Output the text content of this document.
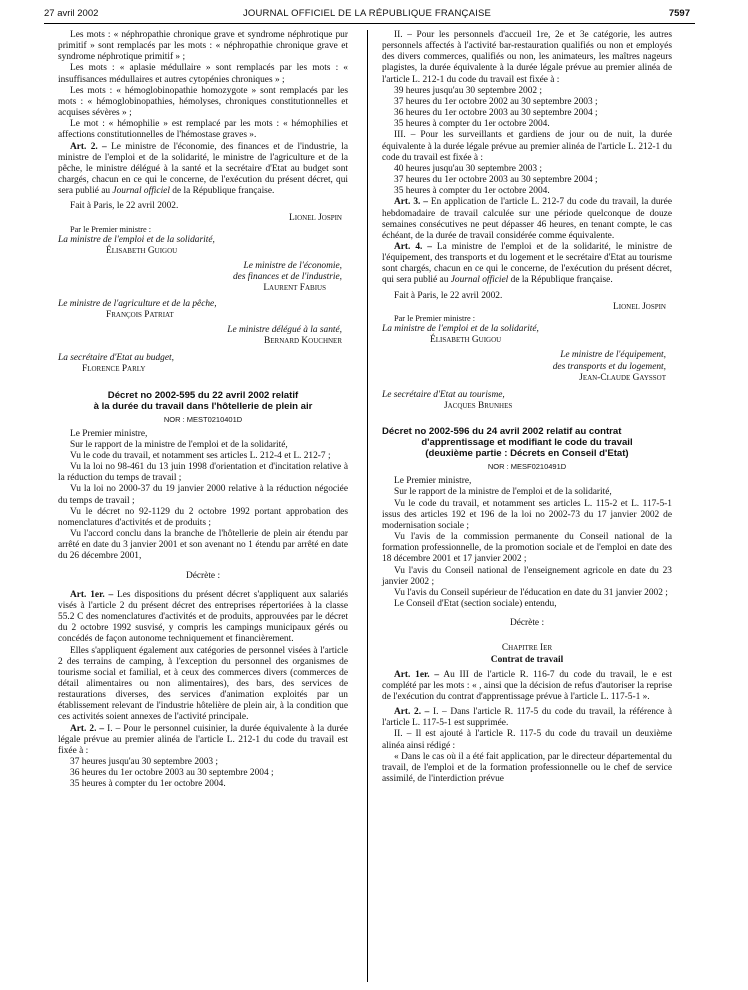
27 avril 2002	JOURNAL OFFICIEL DE LA RÉPUBLIQUE FRANÇAISE	7597

Les mots : « néphropathie chronique grave et syndrome néphrotique pur primitif » sont remplacés par les mots : « néphropathie chronique grave et syndrome néphrotique primitif » ;

Les mots : « aplasie médullaire » sont remplacés par les mots : « insuffisances médullaires et autres cytopénies chroniques » ;

Les mots : « hémoglobinopathie homozygote » sont remplacés par les mots : « hémoglobinopathies, hémolyses, chroniques constitutionnelles et acquises sévères » ;

Le mot : « hémophilie » est remplacé par les mots : « hémophilies et affections constitutionnelles de l'hémostase graves ».

Art. 2. – Le ministre de l'économie, des finances et de l'industrie, la ministre de l'emploi et de la solidarité, le ministre de l'agriculture et de la pêche, le ministre délégué à la santé et la secrétaire d'Etat au budget sont chargés, chacun en ce qui le concerne, de l'exécution du présent décret, qui sera publié au Journal officiel de la République française.

Fait à Paris, le 22 avril 2002.

Lionel Jospin

Par le Premier ministre :

La ministre de l'emploi et de la solidarité,

Élisabeth Guigou

Le ministre de l'économie,

des finances et de l'industrie,

Laurent Fabius

Le ministre de l'agriculture et de la pêche,

François Patriat

Le ministre délégué à la santé,

Bernard Kouchner

La secrétaire d'Etat au budget,

Florence Parly

Décret no 2002-595 du 22 avril 2002 relatif

à la durée du travail dans l'hôtellerie de plein air

NOR : MEST0210401D

Le Premier ministre,

Sur le rapport de la ministre de l'emploi et de la solidarité,

Vu le code du travail, et notamment ses articles L. 212-4 et L. 212-7 ;

Vu la loi no 98-461 du 13 juin 1998 d'orientation et d'incitation relative à la réduction du temps de travail ;

Vu la loi no 2000-37 du 19 janvier 2000 relative à la réduction négociée du temps de travail ;

Vu le décret no 92-1129 du 2 octobre 1992 portant approbation des nomenclatures d'activités et de produits ;

Vu l'accord conclu dans la branche de l'hôtellerie de plein air étendu par arrêté en date du 3 janvier 2001 et son avenant no 1 étendu par arrêté en date du 26 décembre 2001,

Décrète :

Art. 1er. – Les dispositions du présent décret s'appliquent aux salariés visés à l'article 2 du présent décret des entreprises répertoriées à la classe 55.2 C des nomenclatures d'activités et de produits, approuvées par le décret du 2 octobre 1992 susvisé, y compris les campings municipaux gérés ou concédés de façon autonome techniquement et financièrement.

Elles s'appliquent également aux catégories de personnel visées à l'article 2 des terrains de camping, à l'exception du personnel des organismes de tourisme social et familial, et à ceux des commerces divers (commerces de détail alimentaires ou non alimentaires), des bars, des services de restaurations diverses, des services d'animation exploités par un établissement relevant de l'industrie hôtelière de plein air, à la condition que ces activités soient annexes de l'activité principale.

Art. 2. – I. – Pour le personnel cuisinier, la durée équivalente à la durée légale prévue au premier alinéa de l'article L. 212-1 du code du travail est fixée à :

37 heures jusqu'au 30 septembre 2003 ;

36 heures du 1er octobre 2003 au 30 septembre 2004 ;

35 heures à compter du 1er octobre 2004.

II. – Pour les personnels d'accueil 1re, 2e et 3e catégorie, les autres personnels affectés à l'activité bar-restauration qualifiés ou non et employés des divers commerces, qualifiés ou non, les animateurs, les maîtres nageurs plagistes, la durée équivalente à la durée légale prévue au premier alinéa de l'article L. 212-1 du code du travail est fixée à :

39 heures jusqu'au 30 septembre 2002 ;

37 heures du 1er octobre 2002 au 30 septembre 2003 ;

36 heures du 1er octobre 2003 au 30 septembre 2004 ;

35 heures à compter du 1er octobre 2004.

III. – Pour les surveillants et gardiens de jour ou de nuit, la durée équivalente à la durée légale prévue au premier alinéa de l'article L. 212-1 du code du travail est fixée à :

40 heures jusqu'au 30 septembre 2003 ;

37 heures du 1er octobre 2003 au 30 septembre 2004 ;

35 heures à compter du 1er octobre 2004.

Art. 3. – En application de l'article L. 212-7 du code du travail, la durée hebdomadaire de travail calculée sur une période quelconque de douze semaines consécutives ne peut dépasser 46 heures, en tenant compte, le cas échéant, de la durée de travail considérée comme équivalente.

Art. 4. – La ministre de l'emploi et de la solidarité, le ministre de l'équipement, des transports et du logement et le secrétaire d'Etat au tourisme sont chargés, chacun en ce qui le concerne, de l'exécution du présent décret, qui sera publié au Journal officiel de la République française.

Fait à Paris, le 22 avril 2002.

Lionel Jospin

Par le Premier ministre :

La ministre de l'emploi et de la solidarité,

Élisabeth Guigou

Le ministre de l'équipement,

des transports et du logement,

Jean-Claude Gayssot

Le secrétaire d'Etat au tourisme,

Jacques Brunhes

Décret no 2002-596 du 24 avril 2002 relatif au contrat

d'apprentissage et modifiant le code du travail

(deuxième partie : Décrets en Conseil d'Etat)

NOR : MESF0210491D

Le Premier ministre,

Sur le rapport de la ministre de l'emploi et de la solidarité,

Vu le code du travail, et notamment ses articles L. 115-2 et L. 117-5-1 issus des articles 192 et 196 de la loi no 2002-73 du 17 janvier 2002 de modernisation sociale ;

Vu l'avis de la commission permanente du Conseil national de la formation professionnelle, de la promotion sociale et de l'emploi en date des 18 décembre 2001 et 17 janvier 2002 ;

Vu l'avis du Conseil national de l'enseignement agricole en date du 23 janvier 2002 ;

Vu l'avis du Conseil supérieur de l'éducation en date du 31 janvier 2002 ;

Le Conseil d'Etat (section sociale) entendu,

Décrète :

Chapitre Ier

Contrat de travail

Art. 1er. – Au III de l'article R. 116-7 du code du travail, le e est complété par les mots : « , ainsi que la décision de refus d'autoriser la reprise de l'exécution du contrat d'apprentissage prévue à l'article L. 117-5-1 ».

Art. 2. – I. – Dans l'article R. 117-5 du code du travail, la référence à l'article L. 117-5-1 est supprimée.

II. – Il est ajouté à l'article R. 117-5 du code du travail un deuxième alinéa ainsi rédigé :

« Dans le cas où il a été fait application, par le directeur départemental du travail, de l'emploi et de la formation professionnelle ou le chef de service assimilé, de l'interdiction prévue
